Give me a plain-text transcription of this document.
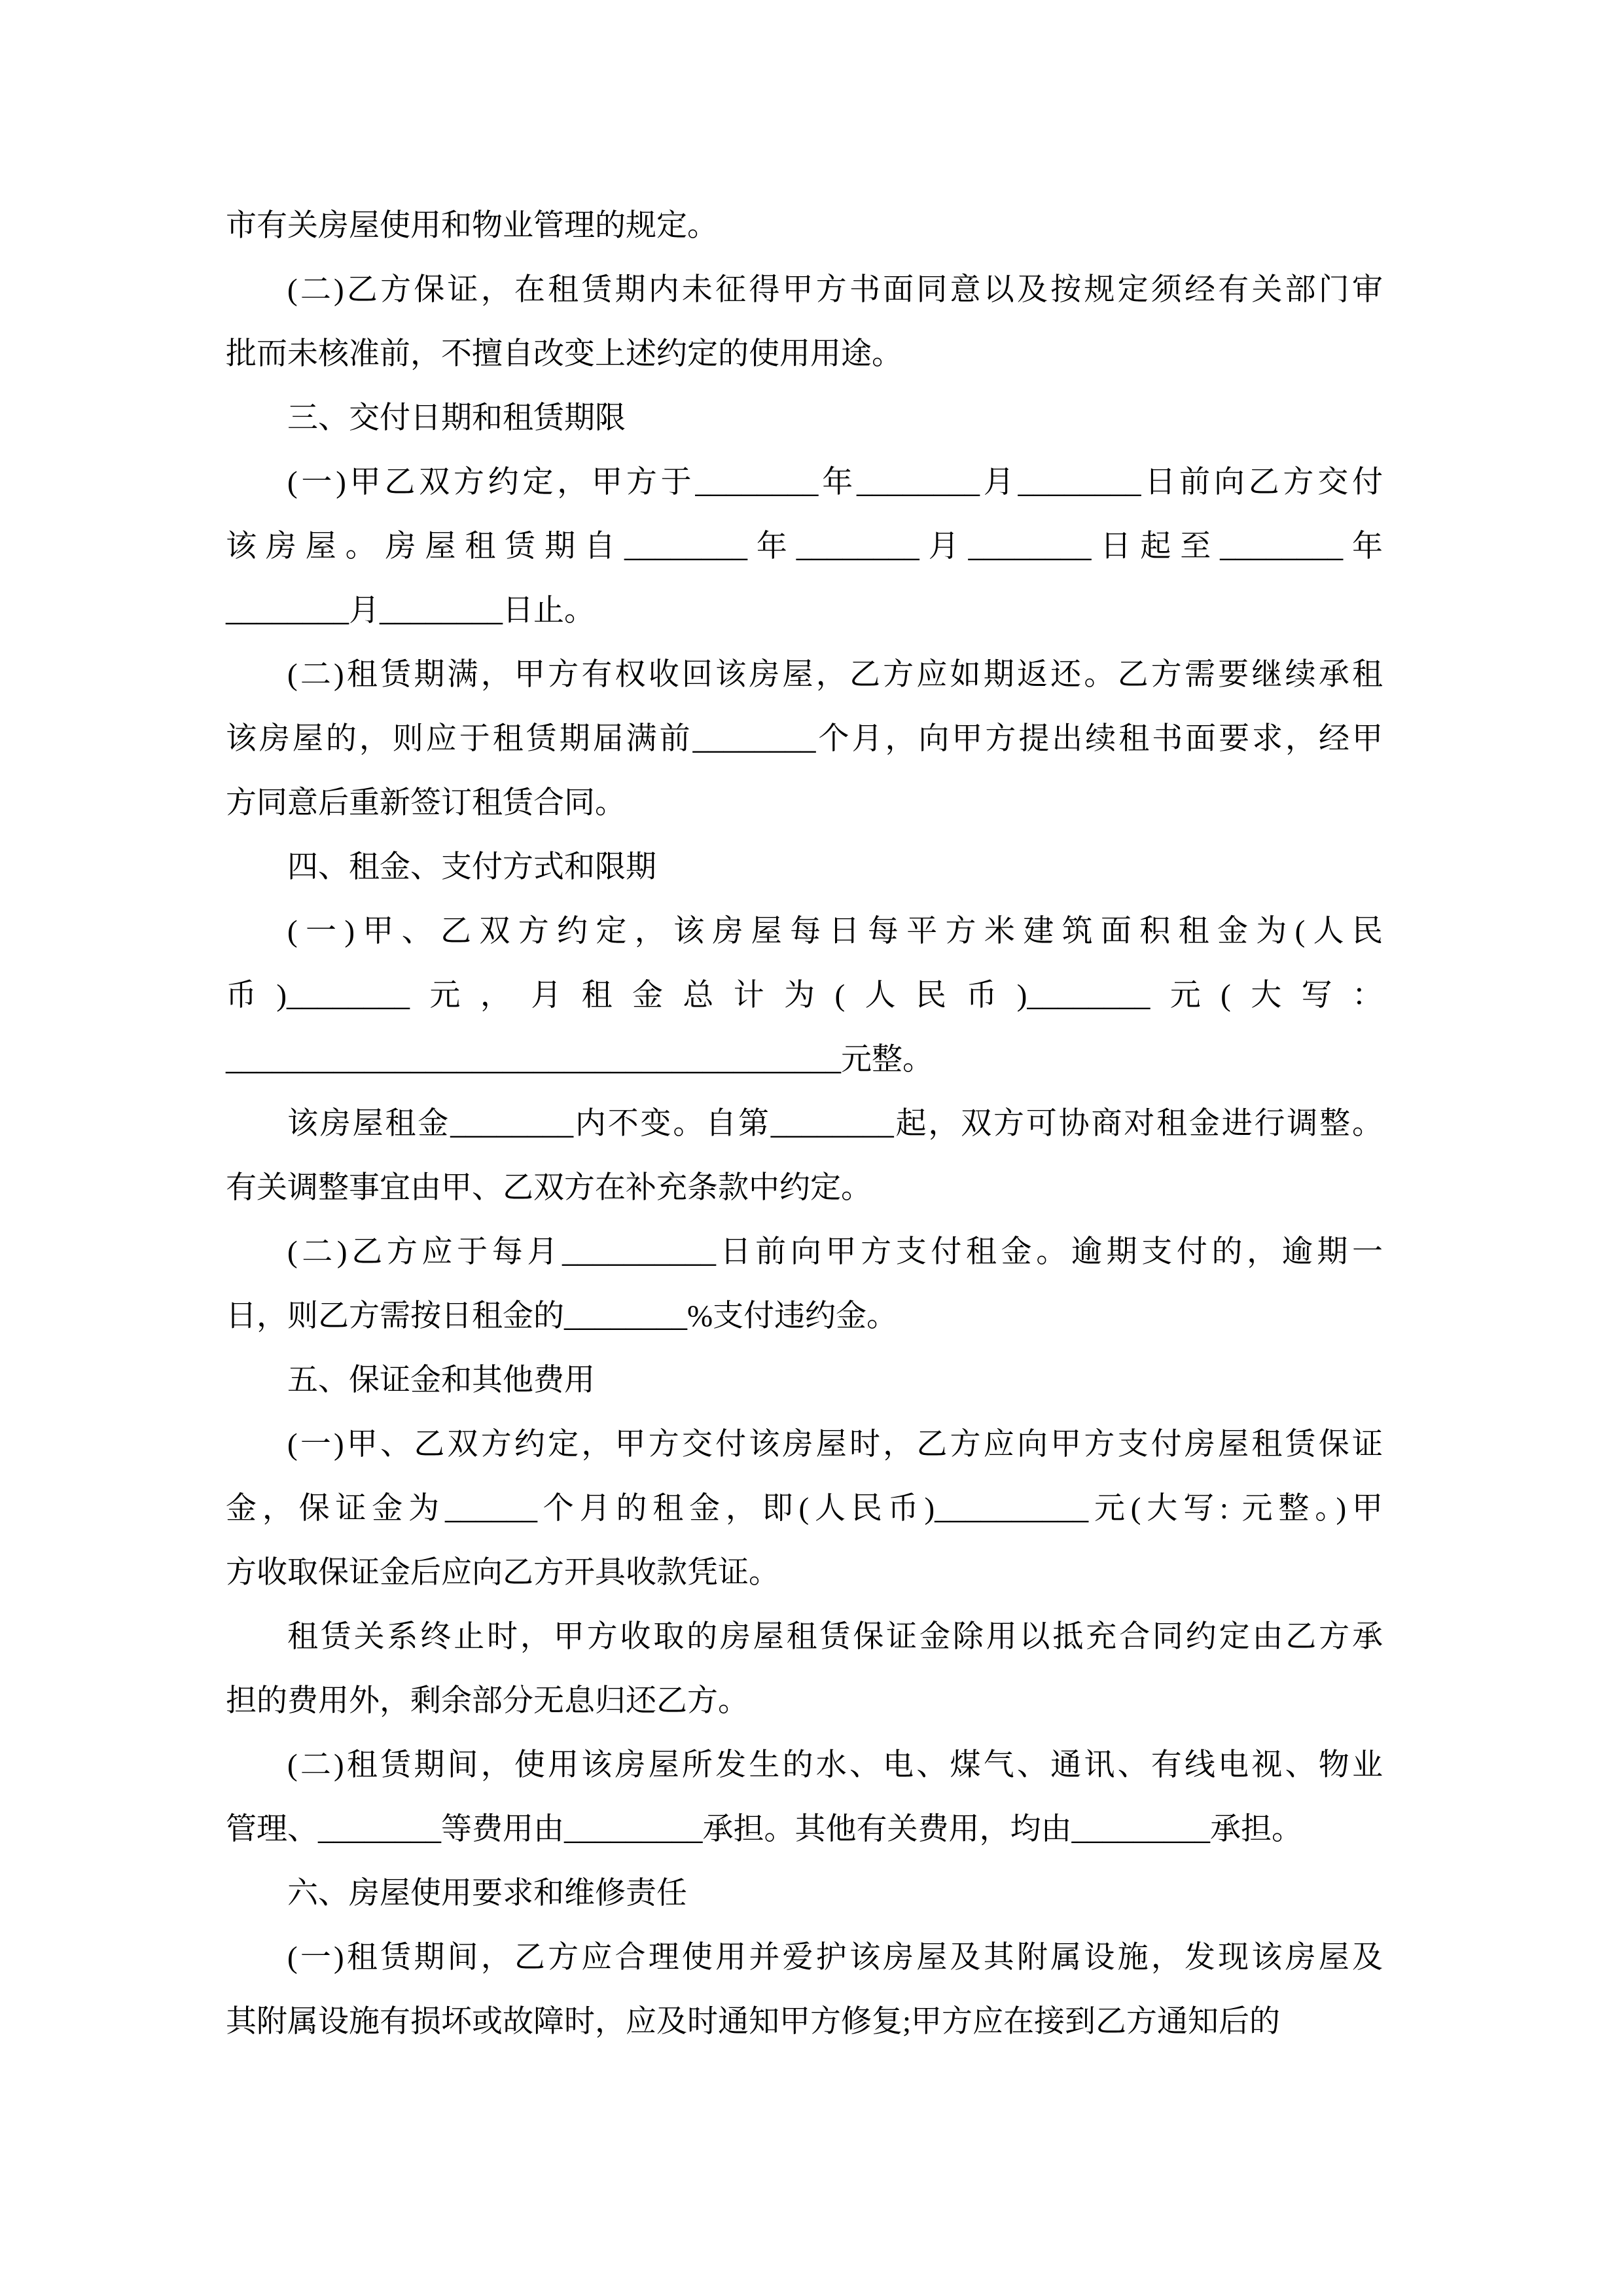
市有关房屋使用和物业管理的规定。
(二)乙方保证，在租赁期内未征得甲方书面同意以及按规定须经有关部门审
批而未核准前，不擅自改变上述约定的使用用途。
三、交付日期和租赁期限
(一)甲乙双方约定，甲方于________年________月________日前向乙方交付
该房屋。房屋租赁期自________年________月________日起至________年
________月________日止。
(二)租赁期满，甲方有权收回该房屋，乙方应如期返还。乙方需要继续承租
该房屋的，则应于租赁期届满前________个月，向甲方提出续租书面要求，经甲
方同意后重新签订租赁合同。
四、租金、支付方式和限期
(一)甲、乙双方约定，该房屋每日每平方米建筑面积租金为(人民
币)________元，月租金总计为(人民币)________元(大写：
________________________________________元整。
该房屋租金________内不变。自第________起，双方可协商对租金进行调整。
有关调整事宜由甲、乙双方在补充条款中约定。
(二)乙方应于每月__________日前向甲方支付租金。逾期支付的，逾期一
日，则乙方需按日租金的________%支付违约金。
五、保证金和其他费用
(一)甲、乙双方约定，甲方交付该房屋时，乙方应向甲方支付房屋租赁保证
金，保证金为______个月的租金，即(人民币)__________元(大写: 元整。)甲
方收取保证金后应向乙方开具收款凭证。
租赁关系终止时，甲方收取的房屋租赁保证金除用以抵充合同约定由乙方承
担的费用外，剩余部分无息归还乙方。
(二)租赁期间，使用该房屋所发生的水、电、煤气、通讯、有线电视、物业
管理、________等费用由_________承担。其他有关费用，均由_________承担。
六、房屋使用要求和维修责任
(一)租赁期间，乙方应合理使用并爱护该房屋及其附属设施，发现该房屋及
其附属设施有损坏或故障时，应及时通知甲方修复;甲方应在接到乙方通知后的
